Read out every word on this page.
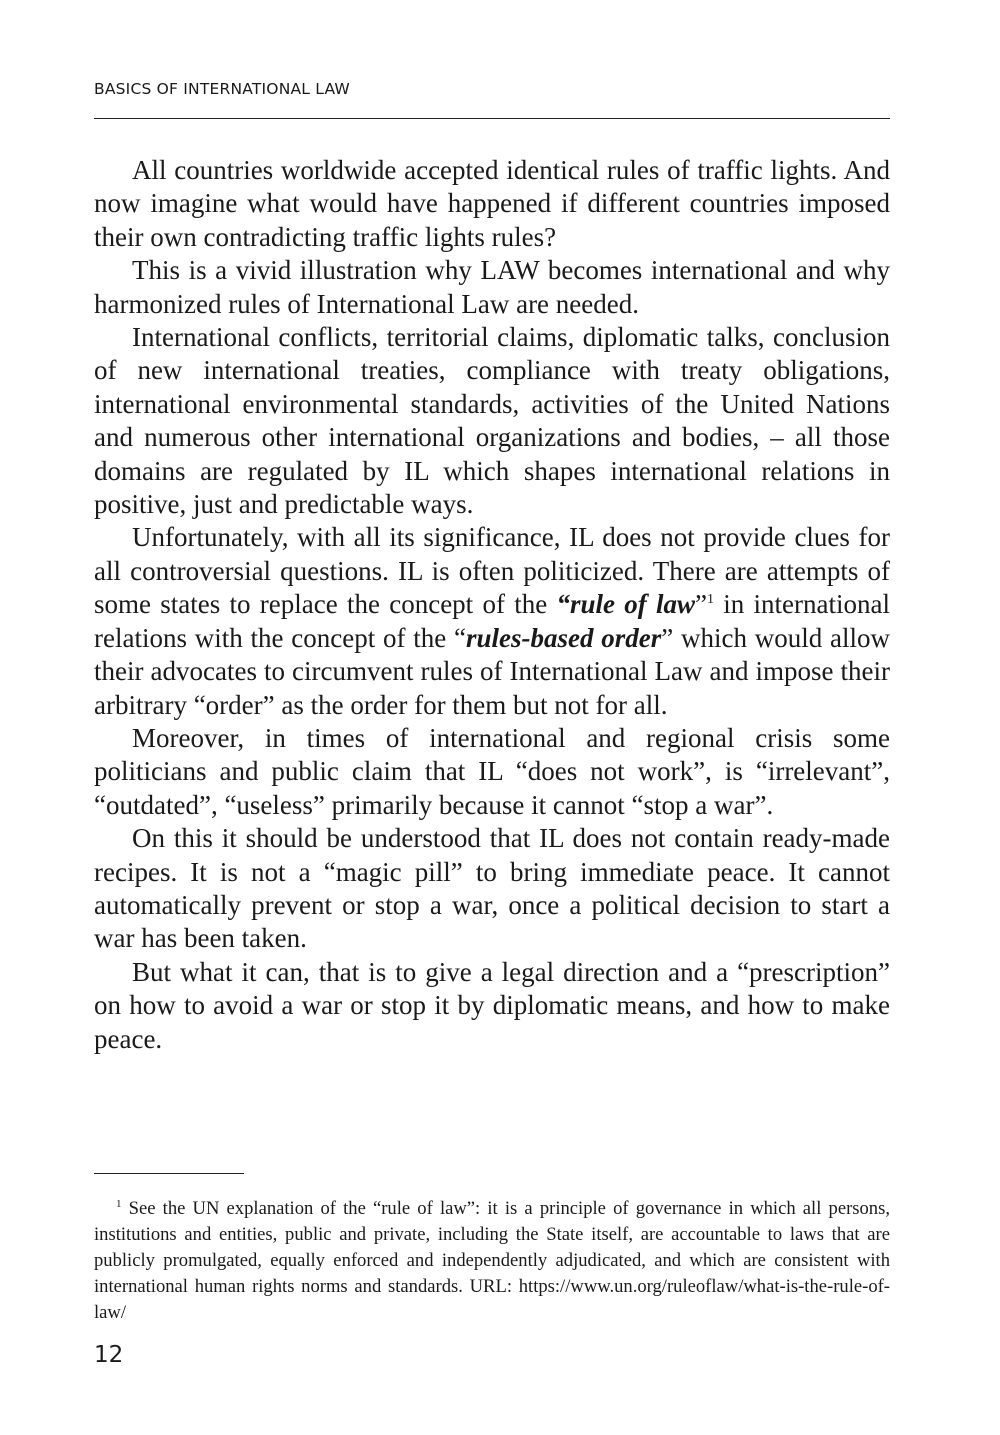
BASICS OF INTERNATIONAL LAW

All countries worldwide accepted identical rules of traffic lights. And now imagine what would have happened if different countries imposed their own contradicting traffic lights rules?

This is a vivid illustration why LAW becomes international and why harmonized rules of International Law are needed.

International conflicts, territorial claims, diplomatic talks, conclusion of new international treaties, compliance with treaty obligations, international environmental standards, activities of the United Nations and numerous other international organizations and bodies, – all those domains are regulated by IL which shapes international relations in positive, just and predictable ways.

Unfortunately, with all its significance, IL does not provide clues for all controversial questions. IL is often politicized. There are attempts of some states to replace the concept of the “rule of law”$^1$ in international relations with the concept of the “rules-based order” which would allow their advocates to circumvent rules of International Law and impose their arbitrary “order” as the order for them but not for all.

Moreover, in times of international and regional crisis some politicians and public claim that IL “does not work”, is “irrelevant”, “outdated”, “useless” primarily because it cannot “stop a war”.

On this it should be understood that IL does not contain ready-made recipes. It is not a “magic pill” to bring immediate peace. It cannot automatically prevent or stop a war, once a political decision to start a war has been taken.

But what it can, that is to give a legal direction and a “prescription” on how to avoid a war or stop it by diplomatic means, and how to make peace.

$^1$ See the UN explanation of the “rule of law”: it is a principle of governance in which all persons, institutions and entities, public and private, including the State itself, are accountable to laws that are publicly promulgated, equally enforced and independently adjudicated, and which are consistent with international human rights norms and standards. URL: https://www.un.org/ruleoflaw/what-is-the-rule-of-law/
12
